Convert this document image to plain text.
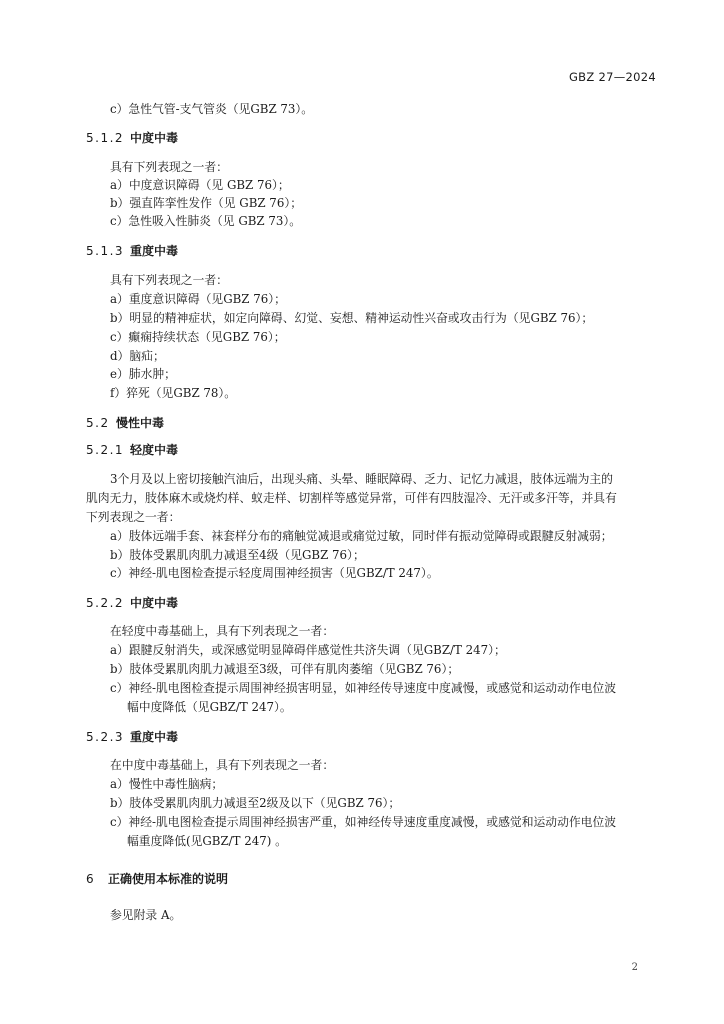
GBZ 27—2024
c）急性气管-支气管炎（见GBZ 73）。
5.1.2 中度中毒
具有下列表现之一者：
a）中度意识障碍（见 GBZ 76）；
b）强直阵挛性发作（见 GBZ 76）；
c）急性吸入性肺炎（见 GBZ 73）。
5.1.3 重度中毒
具有下列表现之一者：
a）重度意识障碍（见GBZ 76）；
b）明显的精神症状，如定向障碍、幻觉、妄想、精神运动性兴奋或攻击行为（见GBZ 76）；
c）癫痫持续状态（见GBZ 76）；
d）脑疝；
e）肺水肿；
f）猝死（见GBZ 78）。
5.2 慢性中毒
5.2.1 轻度中毒
3个月及以上密切接触汽油后，出现头痛、头晕、睡眠障碍、乏力、记忆力减退，肢体远端为主的
肌肉无力，肢体麻木或烧灼样、蚁走样、切割样等感觉异常，可伴有四肢湿冷、无汗或多汗等，并具有
下列表现之一者：
a）肢体远端手套、袜套样分布的痛触觉减退或痛觉过敏，同时伴有振动觉障碍或跟腱反射减弱；
b）肢体受累肌肉肌力减退至4级（见GBZ 76）；
c）神经-肌电图检查提示轻度周围神经损害（见GBZ/T 247）。
5.2.2 中度中毒
在轻度中毒基础上，具有下列表现之一者：
a）跟腱反射消失，或深感觉明显障碍伴感觉性共济失调（见GBZ/T 247）；
b）肢体受累肌肉肌力减退至3级，可伴有肌肉萎缩（见GBZ 76）；
c）神经-肌电图检查提示周围神经损害明显，如神经传导速度中度减慢，或感觉和运动动作电位波
幅中度降低（见GBZ/T 247）。
5.2.3 重度中毒
在中度中毒基础上，具有下列表现之一者：
a）慢性中毒性脑病；
b）肢体受累肌肉肌力减退至2级及以下（见GBZ 76）；
c）神经-肌电图检查提示周围神经损害严重，如神经传导速度重度减慢，或感觉和运动动作电位波
幅重度降低(见GBZ/T 247) 。
6 正确使用本标准的说明
参见附录 A。
2
